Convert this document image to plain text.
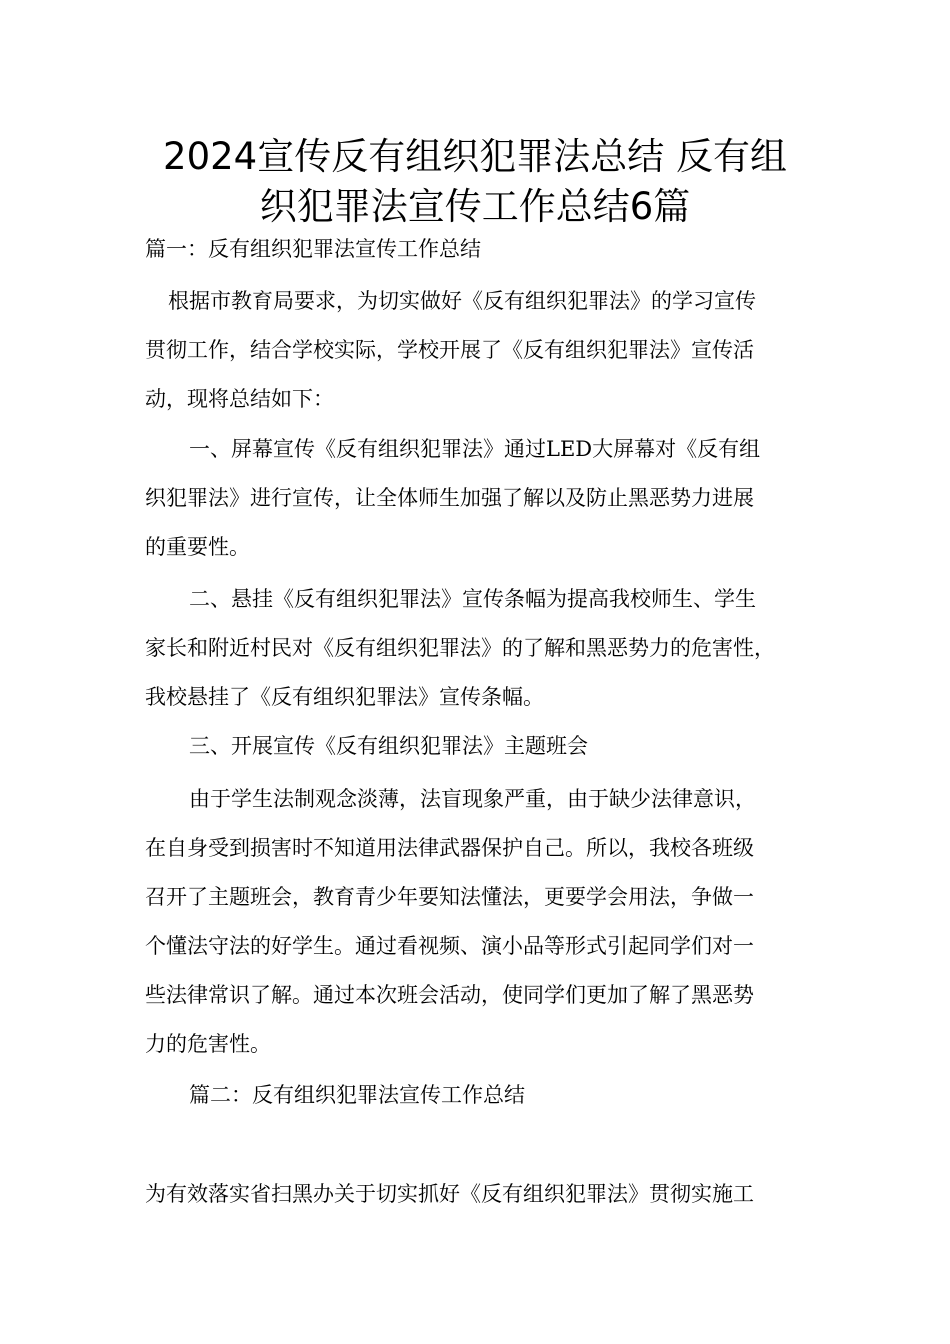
2024宣传反有组织犯罪法总结 反有组
织犯罪法宣传工作总结6篇

篇一：反有组织犯罪法宣传工作总结

根据市教育局要求，为切实做好《反有组织犯罪法》的学习宣传

贯彻工作，结合学校实际，学校开展了《反有组织犯罪法》宣传活

动，现将总结如下：

一、屏幕宣传《反有组织犯罪法》通过LED大屏幕对《反有组

织犯罪法》进行宣传，让全体师生加强了解以及防止黑恶势力进展

的重要性。

二、悬挂《反有组织犯罪法》宣传条幅为提高我校师生、学生

家长和附近村民对《反有组织犯罪法》的了解和黑恶势力的危害性，

我校悬挂了《反有组织犯罪法》宣传条幅。

三、开展宣传《反有组织犯罪法》主题班会

由于学生法制观念淡薄，法盲现象严重，由于缺少法律意识，

在自身受到损害时不知道用法律武器保护自己。所以，我校各班级

召开了主题班会，教育青少年要知法懂法，更要学会用法，争做一

个懂法守法的好学生。通过看视频、演小品等形式引起同学们对一

些法律常识了解。通过本次班会活动，使同学们更加了解了黑恶势

力的危害性。

篇二：反有组织犯罪法宣传工作总结

为有效落实省扫黑办关于切实抓好《反有组织犯罪法》贯彻实施工
